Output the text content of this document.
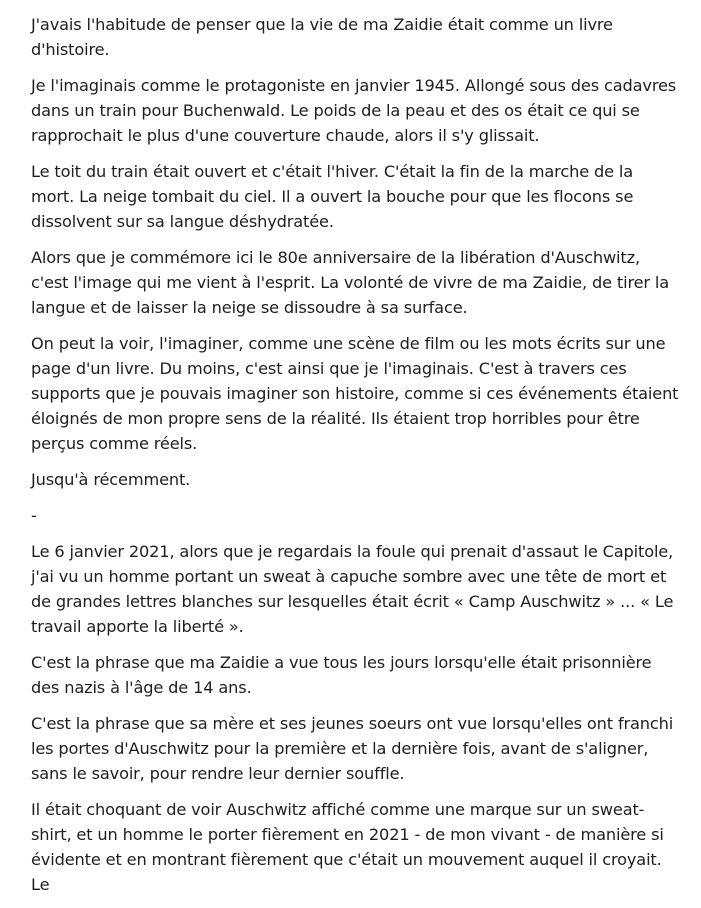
J'avais l'habitude de penser que la vie de ma Zaidie était comme un livre d'histoire.

Je l'imaginais comme le protagoniste en janvier 1945. Allongé sous des cadavres dans un train pour Buchenwald. Le poids de la peau et des os était ce qui se rapprochait le plus d'une couverture chaude, alors il s'y glissait.

Le toit du train était ouvert et c'était l'hiver. C'était la fin de la marche de la mort. La neige tombait du ciel. Il a ouvert la bouche pour que les flocons se dissolvent sur sa langue déshydratée.

Alors que je commémore ici le 80e anniversaire de la libération d'Auschwitz, c'est l'image qui me vient à l'esprit. La volonté de vivre de ma Zaidie, de tirer la langue et de laisser la neige se dissoudre à sa surface.

On peut la voir, l'imaginer, comme une scène de film ou les mots écrits sur une page d'un livre. Du moins, c'est ainsi que je l'imaginais. C'est à travers ces supports que je pouvais imaginer son histoire, comme si ces événements étaient éloignés de mon propre sens de la réalité. Ils étaient trop horribles pour être perçus comme réels.

Jusqu'à récemment.

-

Le 6 janvier 2021, alors que je regardais la foule qui prenait d'assaut le Capitole, j'ai vu un homme portant un sweat à capuche sombre avec une tête de mort et de grandes lettres blanches sur lesquelles était écrit « Camp Auschwitz » ... « Le travail apporte la liberté ».

C'est la phrase que ma Zaidie a vue tous les jours lorsqu'elle était prisonnière des nazis à l'âge de 14 ans.

C'est la phrase que sa mère et ses jeunes soeurs ont vue lorsqu'elles ont franchi les portes d'Auschwitz pour la première et la dernière fois, avant de s'aligner, sans le savoir, pour rendre leur dernier souffle.

Il était choquant de voir Auschwitz affiché comme une marque sur un sweat-shirt, et un homme le porter fièrement en 2021 - de mon vivant - de manière si évidente et en montrant fièrement que c'était un mouvement auquel il croyait. Le
